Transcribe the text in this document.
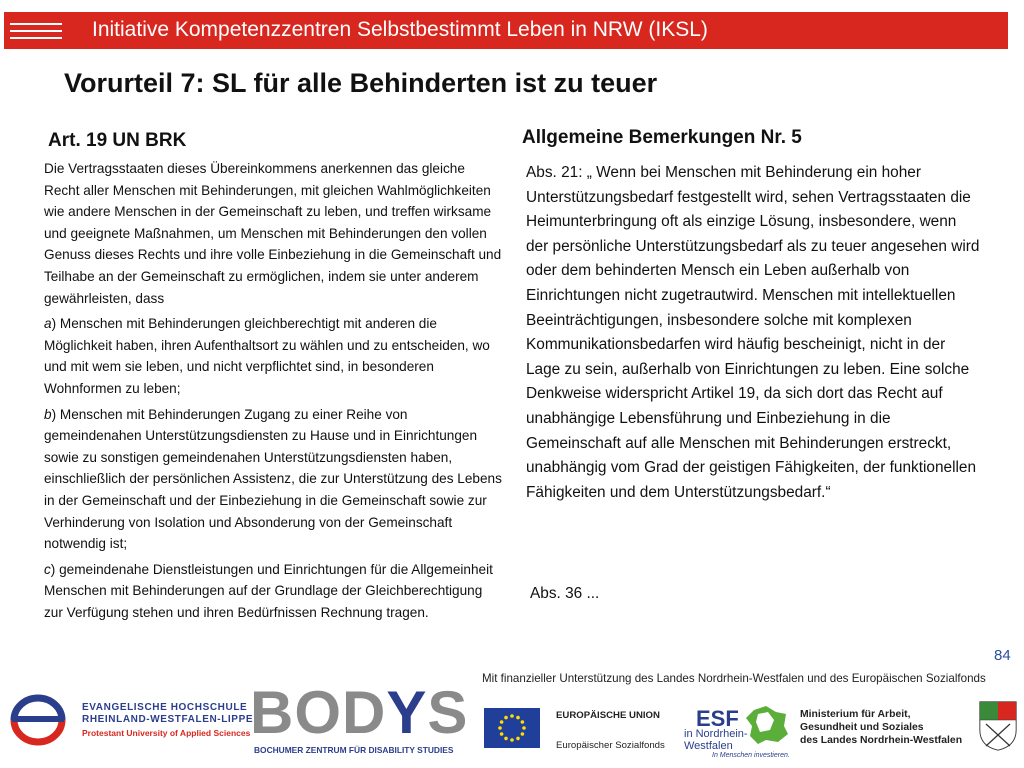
Initiative Kompetenzzentren Selbstbestimmt Leben in NRW (IKSL)
Vorurteil 7: SL für alle Behinderten ist zu teuer
Art. 19 UN BRK	Allgemeine Bemerkungen Nr. 5

Die Vertragsstaaten dieses Übereinkommens anerkennen das gleiche Recht aller Menschen mit Behinderungen, mit gleichen Wahlmöglichkeiten wie andere Menschen in der Gemeinschaft zu leben, und treffen wirksame und geeignete Maßnahmen, um Menschen mit Behinderungen den vollen Genuss dieses Rechts und ihre volle Einbeziehung in die Gemeinschaft und Teilhabe an der Gemeinschaft zu ermöglichen, indem sie unter anderem gewährleisten, dass

a) Menschen mit Behinderungen gleichberechtigt mit anderen die Möglichkeit haben, ihren Aufenthaltsort zu wählen und zu entscheiden, wo und mit wem sie leben, und nicht verpflichtet sind, in besonderen Wohnformen zu leben;

b) Menschen mit Behinderungen Zugang zu einer Reihe von gemeindenahen Unterstützungsdiensten zu Hause und in Einrichtungen sowie zu sonstigen gemeindenahen Unterstützungsdiensten haben, einschließlich der persönlichen Assistenz, die zur Unterstützung des Lebens in der Gemeinschaft und der Einbeziehung in die Gemeinschaft sowie zur Verhinderung von Isolation und Absonderung von der Gemeinschaft notwendig ist;

c) gemeindenahe Dienstleistungen und Einrichtungen für die Allgemeinheit Menschen mit Behinderungen auf der Grundlage der Gleichberechtigung zur Verfügung stehen und ihren Bedürfnissen Rechnung tragen.

Abs. 21: „ Wenn bei Menschen mit Behinderung ein hoher Unterstützungsbedarf festgestellt wird, sehen Vertragsstaaten die Heimunterbringung oft als einzige Lösung, insbesondere, wenn der persönliche Unterstützungsbedarf als zu teuer angesehen wird oder dem behinderten Mensch ein Leben außerhalb von Einrichtungen nicht zugetrautwird. Menschen mit intellektuellen Beeinträchtigungen, insbesondere solche mit komplexen Kommunikationsbedarfen wird häufig bescheinigt, nicht in der Lage zu sein, außerhalb von Einrichtungen zu leben. Eine solche Denkweise widerspricht Artikel 19, da sich dort das Recht auf unabhängige Lebensführung und Einbeziehung in die Gemeinschaft auf alle Menschen mit Behinderungen erstreckt, unabhängig vom Grad der geistigen Fähigkeiten, der funktionellen Fähigkeiten und dem Unterstützungsbedarf.“

Abs. 36 ...
84
Mit finanzieller Unterstützung des Landes Nordrhein-Westfalen und des Europäischen Sozialfonds
EVANGELISCHE HOCHSCHULE
RHEINLAND-WESTFALEN-LIPPE
Protestant University of Applied Sciences BODYS
BOCHUMER ZENTRUM FÜR DISABILITY STUDIES
EUROPÄISCHE UNION
Europäischer Sozialfonds
ESF
in Nordrhein-
Westfalen
In Menschen investieren.
Ministerium für Arbeit,
Gesundheit und Soziales
des Landes Nordrhein-Westfalen
